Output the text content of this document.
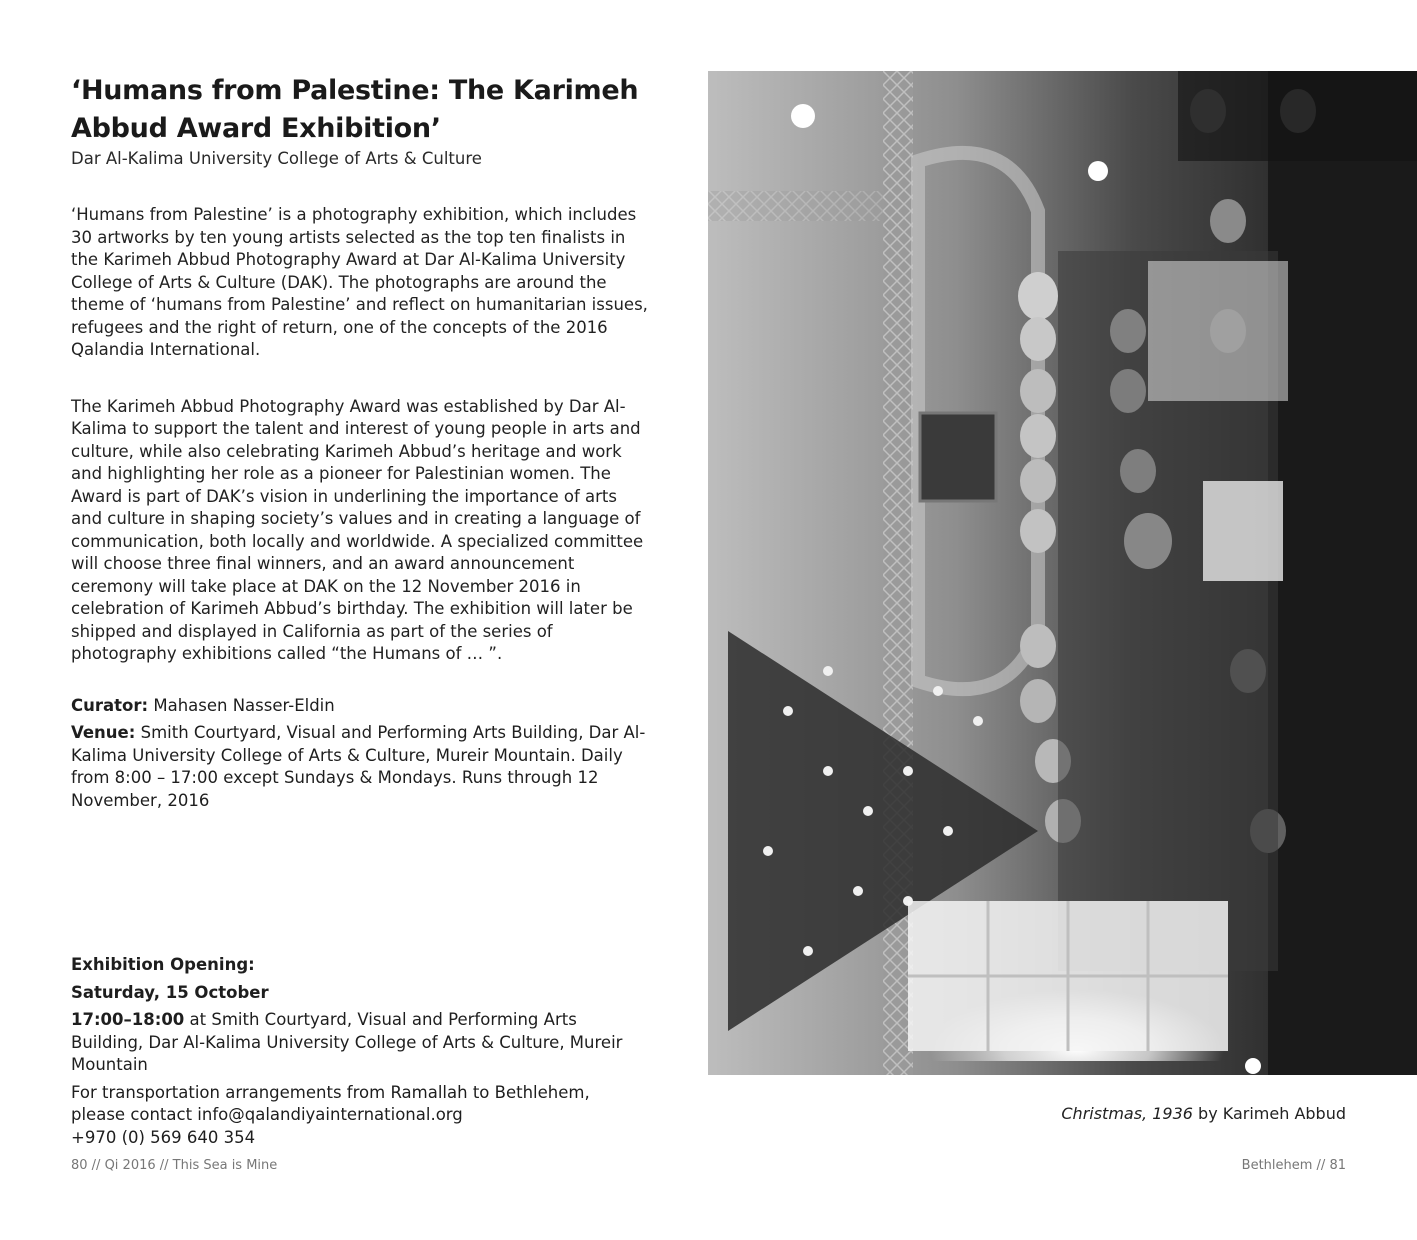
‘Humans from Palestine: The Karimeh
Abbud Award Exhibition’

Dar Al-Kalima University College of Arts & Culture

‘Humans from Palestine’ is a photography exhibition, which includes 30 artworks by ten young artists selected as the top ten finalists in the Karimeh Abbud Photography Award at Dar Al-Kalima University College of Arts & Culture (DAK). The photographs are around the theme of ‘humans from Palestine’ and reflect on humanitarian issues, refugees and the right of return, one of the concepts of the 2016 Qalandia International.

The Karimeh Abbud Photography Award was established by Dar Al-Kalima to support the talent and interest of young people in arts and culture, while also celebrating Karimeh Abbud’s heritage and work and highlighting her role as a pioneer for Palestinian women. The Award is part of DAK’s vision in underlining the importance of arts and culture in shaping society’s values and in creating a language of communication, both locally and worldwide. A specialized committee will choose three final winners, and an award announcement ceremony will take place at DAK on the 12 November 2016 in celebration of Karimeh Abbud’s birthday. The exhibition will later be shipped and displayed in California as part of the series of photography exhibitions called “the Humans of … ”.

Curator: Mahasen Nasser-Eldin

Venue: Smith Courtyard, Visual and Performing Arts Building, Dar Al-Kalima University College of Arts & Culture, Mureir Mountain. Daily from 8:00 – 17:00 except Sundays & Mondays. Runs through 12 November, 2016

Exhibition Opening:

Saturday, 15 October

17:00–18:00 at Smith Courtyard, Visual and Performing Arts Building, Dar Al-Kalima University College of Arts & Culture, Mureir Mountain

For transportation arrangements from Ramallah to Bethlehem,

please contact info@qalandiyainternational.org

+970 (0) 569 640 354

Christmas, 1936 by Karimeh Abbud
80 // Qi 2016 // This Sea is Mine	Bethlehem // 81
